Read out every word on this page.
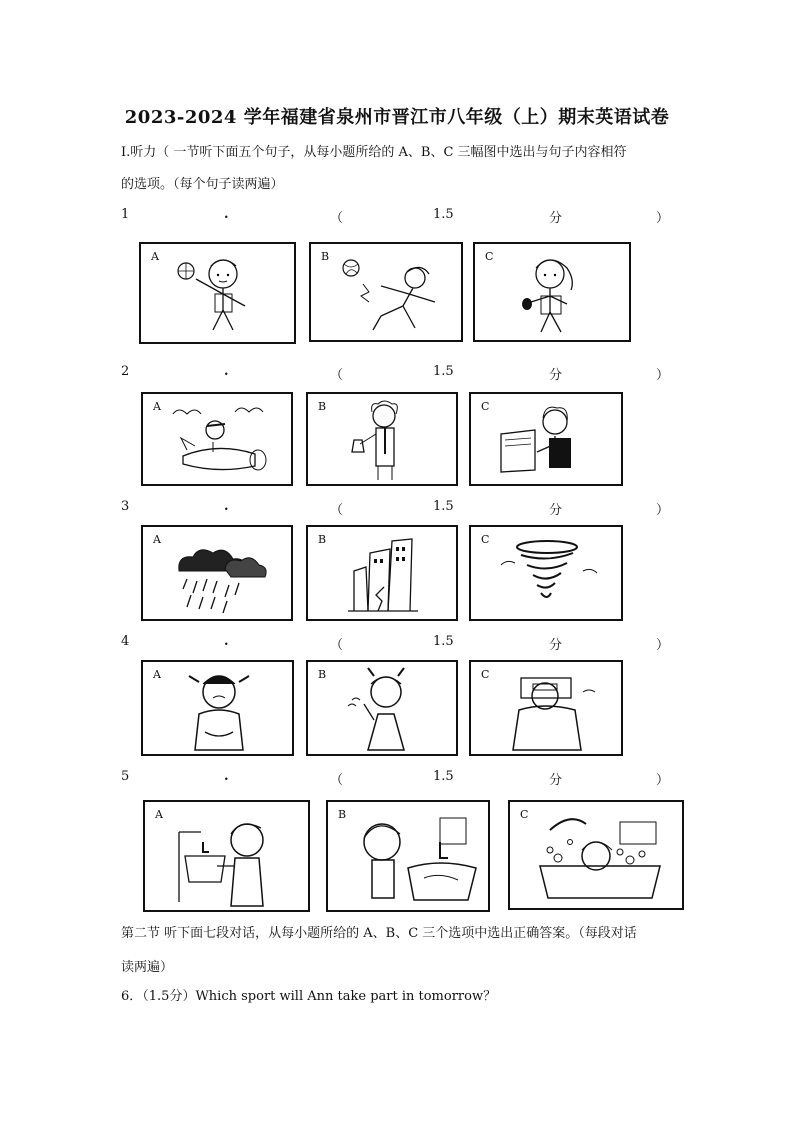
2023-2024 学年福建省泉州市晋江市八年级（上）期末英语试卷
Ⅰ.听力（ 一节听下面五个句子，从每小题所给的 A、B、C 三幅图中选出与句子内容相符
的选项。（每个句子读两遍）
1	.	（	1.5	分	）
A	B	C
2	.	（	1.5	分	）
A	B	C
3	.	（	1.5	分	）
A	B	C
4	.	（	1.5	分	）
A	B	C
5	.	（	1.5	分	）
A	B	C
第二节 听下面七段对话，从每小题所给的 A、B、C 三个选项中选出正确答案。（每段对话
读两遍）
6．（1.5分）Which sport will Ann take part in tomorrow？
